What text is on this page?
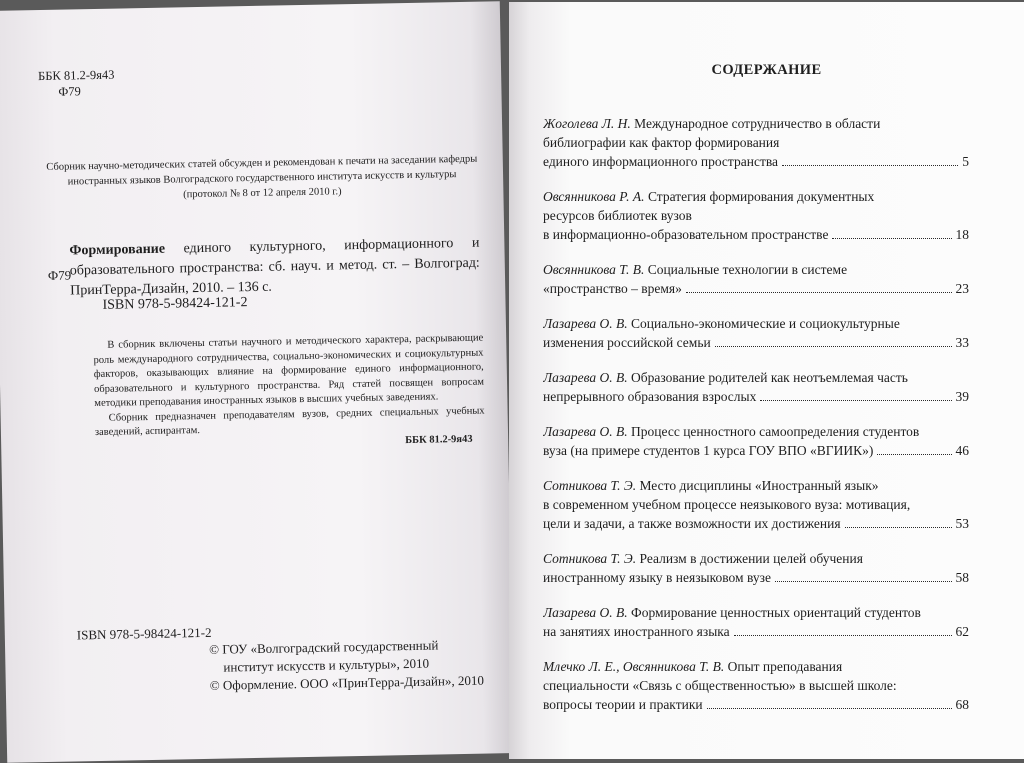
ББК 81.2-9я43
Ф79
Сборник научно-методических статей обсужден и рекомендован к печати на заседании кафедры иностранных языков Волгоградского государственного института искусств и культуры (протокол № 8 от 12 апреля 2010 г.)
Формирование единого культурного, информационного и образовательного пространства: сб. науч. и метод. ст. – Волгоград: ПринТерра-Дизайн, 2010. – 136 с.
Ф79
ISBN 978-5-98424-121-2

В сборник включены статьи научного и методического характера, раскрывающие роль международного сотрудничества, социально-экономических и социокультурных факторов, оказывающих влияние на формирование единого информационного, образовательного и культурного пространства. Ряд статей посвящен вопросам методики преподавания иностранных языков в высших учебных заведениях.

Сборник предназначен преподавателям вузов, средних специальных учебных заведений, аспирантам.

ББК 81.2-9я43
ISBN 978-5-98424-121-2
© ГОУ «Волгоградский государственный
институт искусств и культуры», 2010
© Оформление. ООО «ПринТерра-Дизайн», 2010
СОДЕРЖАНИЕ
Жоголева Л. Н. Международное сотрудничество в области
библиографии как фактор формирования
единого информационного пространства	5
Овсянникова Р. А. Стратегия формирования документных
ресурсов библиотек вузов
в информационно-образовательном пространстве	18
Овсянникова Т. В. Социальные технологии в системе
«пространство – время»	23
Лазарева О. В. Социально-экономические и социокультурные
изменения российской семьи	33
Лазарева О. В. Образование родителей как неотъемлемая часть
непрерывного образования взрослых	39
Лазарева О. В. Процесс ценностного самоопределения студентов
вуза (на примере студентов 1 курса ГОУ ВПО «ВГИИК»)	46
Сотникова Т. Э. Место дисциплины «Иностранный язык»
в современном учебном процессе неязыкового вуза: мотивация,
цели и задачи, а также возможности их достижения	53
Сотникова Т. Э. Реализм в достижении целей обучения
иностранному языку в неязыковом вузе	58
Лазарева О. В. Формирование ценностных ориентаций студентов
на занятиях иностранного языка	62
Млечко Л. Е., Овсянникова Т. В. Опыт преподавания
специальности «Связь с общественностью» в высшей школе:
вопросы теории и практики	68
